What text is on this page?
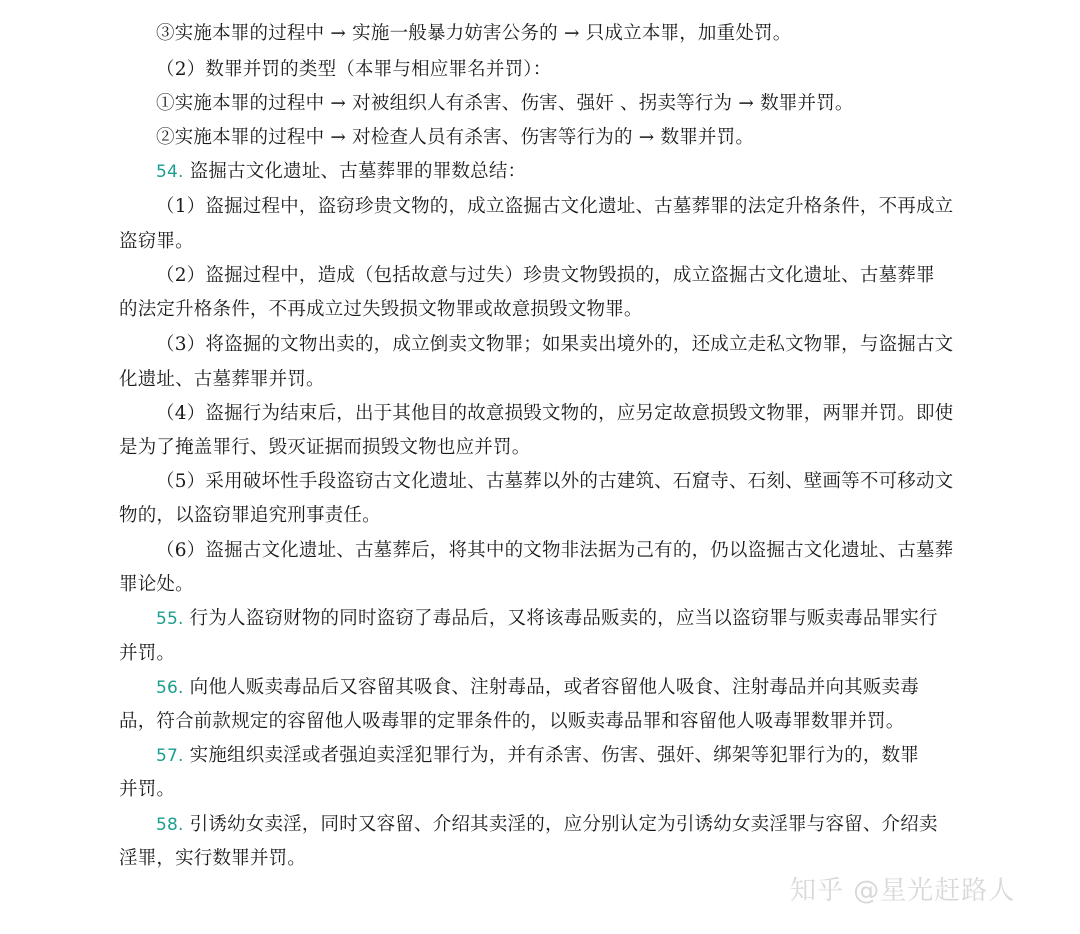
③实施本罪的过程中 → 实施一般暴力妨害公务的 → 只成立本罪，加重处罚。
（2）数罪并罚的类型（本罪与相应罪名并罚）：
①实施本罪的过程中 → 对被组织人有杀害、伤害、强奸 、拐卖等行为 → 数罪并罚。
②实施本罪的过程中 → 对检查人员有杀害、伤害等行为的 → 数罪并罚。
54. 盗掘古文化遗址、古墓葬罪的罪数总结：
（1）盗掘过程中，盗窃珍贵文物的，成立盗掘古文化遗址、古墓葬罪的法定升格条件，不再成立
盗窃罪。
（2）盗掘过程中，造成（包括故意与过失）珍贵文物毁损的，成立盗掘古文化遗址、古墓葬罪
的法定升格条件，不再成立过失毁损文物罪或故意损毁文物罪。
（3）将盗掘的文物出卖的，成立倒卖文物罪；如果卖出境外的，还成立走私文物罪，与盗掘古文
化遗址、古墓葬罪并罚。
（4）盗掘行为结束后，出于其他目的故意损毁文物的，应另定故意损毁文物罪，两罪并罚。即使
是为了掩盖罪行、毁灭证据而损毁文物也应并罚。
（5）采用破坏性手段盗窃古文化遗址、古墓葬以外的古建筑、石窟寺、石刻、壁画等不可移动文
物的，以盗窃罪追究刑事责任。
（6）盗掘古文化遗址、古墓葬后，将其中的文物非法据为己有的，仍以盗掘古文化遗址、古墓葬
罪论处。
55. 行为人盗窃财物的同时盗窃了毒品后，又将该毒品贩卖的，应当以盗窃罪与贩卖毒品罪实行
并罚。
56. 向他人贩卖毒品后又容留其吸食、注射毒品，或者容留他人吸食、注射毒品并向其贩卖毒
品，符合前款规定的容留他人吸毒罪的定罪条件的，以贩卖毒品罪和容留他人吸毒罪数罪并罚。
57. 实施组织卖淫或者强迫卖淫犯罪行为，并有杀害、伤害、强奸、绑架等犯罪行为的，数罪
并罚。
58. 引诱幼女卖淫，同时又容留、介绍其卖淫的，应分别认定为引诱幼女卖淫罪与容留、介绍卖
淫罪，实行数罪并罚。
知乎 @星光赶路人
